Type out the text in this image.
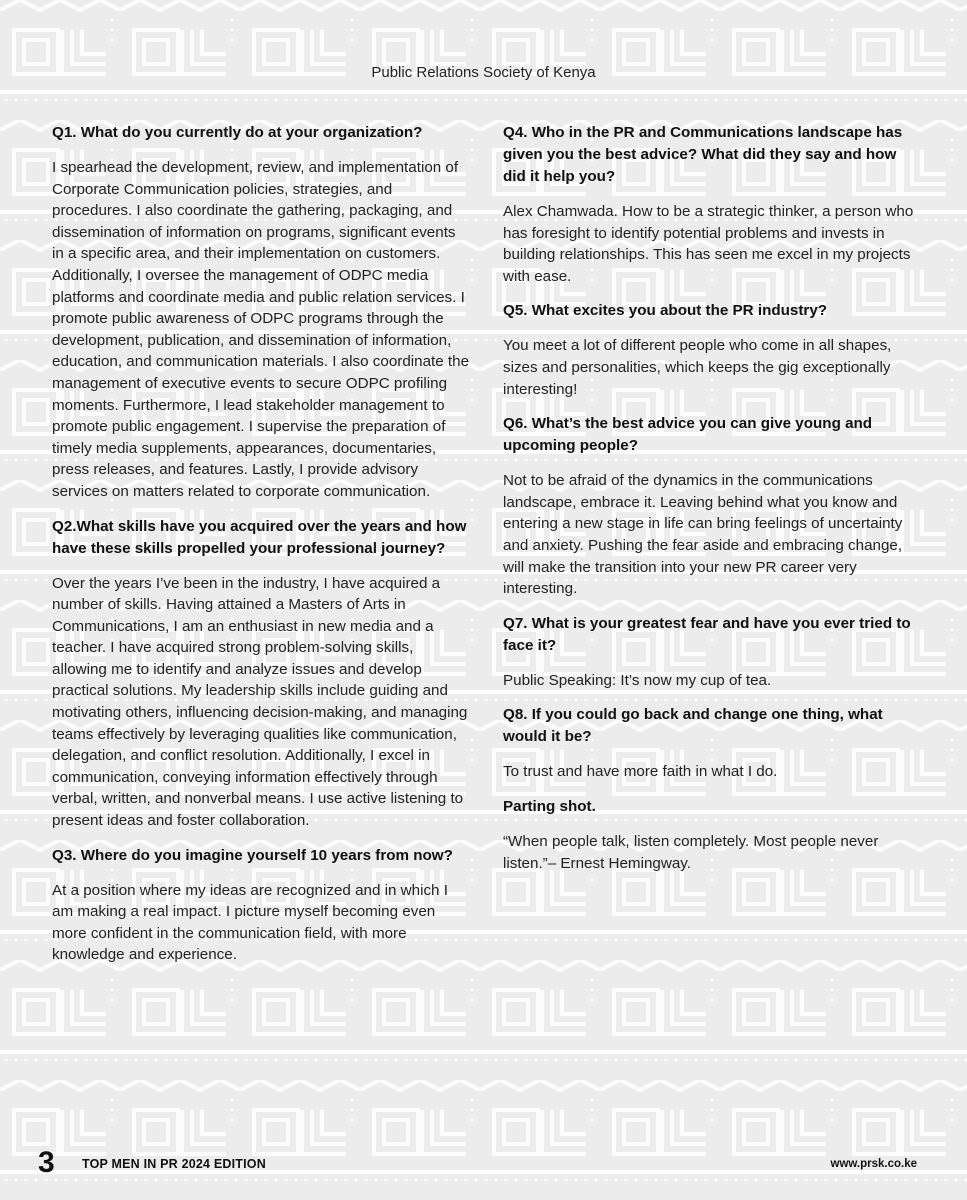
Public Relations Society of Kenya

Q1. What do you currently do at your organization?

I spearhead the development, review, and implementation of Corporate Communication policies, strategies, and procedures. I also coordinate the gathering, packaging, and dissemination of information on programs, significant events in a specific area, and their implementation on customers. Additionally, I oversee the management of ODPC media platforms and coordinate media and public relation services. I promote public awareness of ODPC programs through the development, publication, and dissemination of information, education, and communication materials. I also coordinate the management of executive events to secure ODPC profiling moments. Furthermore, I lead stakeholder management to promote public engagement. I supervise the preparation of timely media supplements, appearances, documentaries, press releases, and features. Lastly, I provide advisory services on matters related to corporate communication.

Q2.What skills have you acquired over the years and how have these skills propelled your professional journey?

Over the years I’ve been in the industry, I have acquired a number of skills. Having attained a Masters of Arts in Communications, I am an enthusiast in new media and a teacher. I have acquired strong problem-solving skills, allowing me to identify and analyze issues and develop practical solutions. My leadership skills include guiding and motivating others, influencing decision-making, and managing teams effectively by leveraging qualities like communication, delegation, and conflict resolution. Additionally, I excel in communication, conveying information effectively through verbal, written, and nonverbal means. I use active listening to present ideas and foster collaboration.

Q3. Where do you imagine yourself 10 years from now?

At a position where my ideas are recognized and in which I am making a real impact. I picture myself becoming even more confident in the communication field, with more knowledge and experience.

Q4. Who in the PR and Communications landscape has given you the best advice? What did they say and how did it help you?

Alex Chamwada. How to be a strategic thinker, a person who has foresight to identify potential problems and invests in building relationships. This has seen me excel in my projects with ease.

Q5. What excites you about the PR industry?

You meet a lot of different people who come in all shapes, sizes and personalities, which keeps the gig exceptionally interesting!

Q6. What’s the best advice you can give young and upcoming people?

Not to be afraid of the dynamics in the communications landscape, embrace it. Leaving behind what you know and entering a new stage in life can bring feelings of uncertainty and anxiety. Pushing the fear aside and embracing change, will make the transition into your new PR career very interesting.

Q7. What is your greatest fear and have you ever tried to face it?

Public Speaking: It’s now my cup of tea.

Q8. If you could go back and change one thing, what would it be?

To trust and have more faith in what I do.

Parting shot.

“When people talk, listen completely. Most people never listen.”– Ernest Hemingway.

3 TOP MEN IN PR 2024 EDITION	www.prsk.co.ke
